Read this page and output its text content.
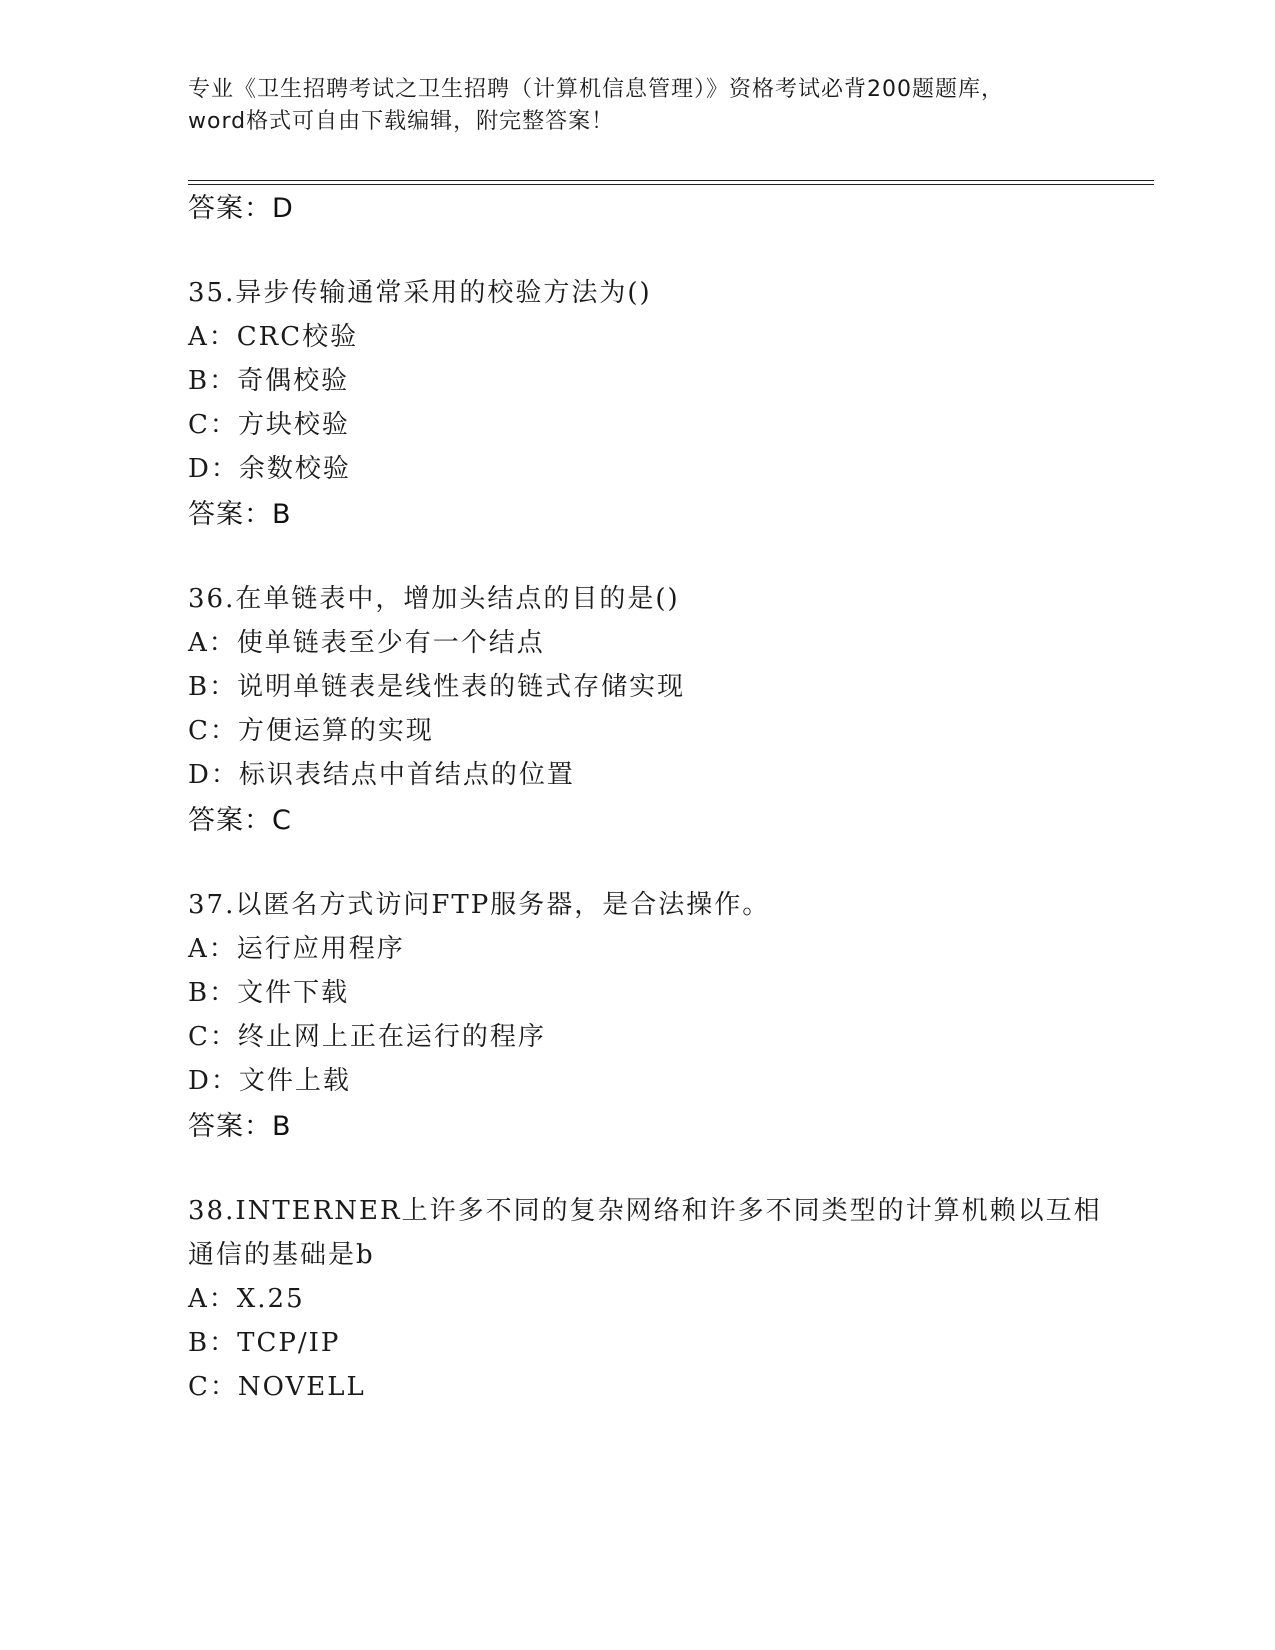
专业《卫生招聘考试之卫生招聘（计算机信息管理）》资格考试必背200题题库，
word格式可自由下载编辑，附完整答案！
答案：D
35.异步传输通常采用的校验方法为()
A：CRC校验
B：奇偶校验
C：方块校验
D：余数校验
答案：B
36.在单链表中，增加头结点的目的是()
A：使单链表至少有一个结点
B：说明单链表是线性表的链式存储实现
C：方便运算的实现
D：标识表结点中首结点的位置
答案：C
37.以匿名方式访问FTP服务器，是合法操作。
A：运行应用程序
B：文件下载
C：终止网上正在运行的程序
D：文件上载
答案：B
38.INTERNER上许多不同的复杂网络和许多不同类型的计算机赖以互相
通信的基础是b
A：X.25
B：TCP/IP
C：NOVELL
